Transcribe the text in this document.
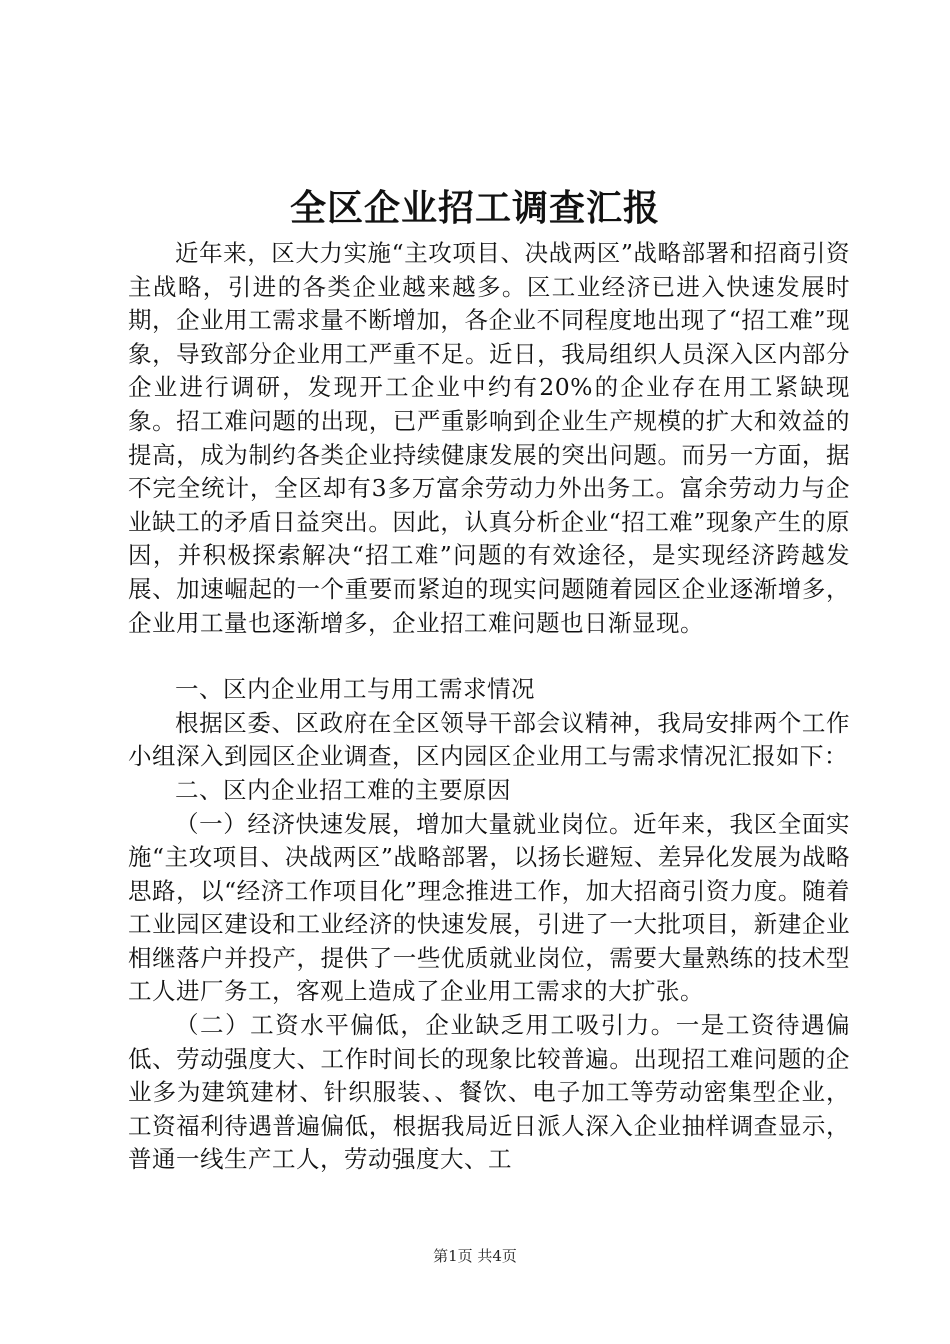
全区企业招工调查汇报

近年来，区大力实施“主攻项目、决战两区”战略部署和招商引资主战略，引进的各类企业越来越多。区工业经济已进入快速发展时期，企业用工需求量不断增加，各企业不同程度地出现了“招工难”现象，导致部分企业用工严重不足。近日，我局组织人员深入区内部分企业进行调研，发现开工企业中约有20%的企业存在用工紧缺现象。招工难问题的出现，已严重影响到企业生产规模的扩大和效益的提高，成为制约各类企业持续健康发展的突出问题。而另一方面，据不完全统计，全区却有3多万富余劳动力外出务工。富余劳动力与企业缺工的矛盾日益突出。因此，认真分析企业“招工难”现象产生的原因，并积极探索解决“招工难”问题的有效途径，是实现经济跨越发展、加速崛起的一个重要而紧迫的现实问题随着园区企业逐渐增多，企业用工量也逐渐增多，企业招工难问题也日渐显现。

一、区内企业用工与用工需求情况

根据区委、区政府在全区领导干部会议精神，我局安排两个工作小组深入到园区企业调查，区内园区企业用工与需求情况汇报如下：

二、区内企业招工难的主要原因

（一）经济快速发展，增加大量就业岗位。近年来，我区全面实施“主攻项目、决战两区”战略部署，以扬长避短、差异化发展为战略思路，以“经济工作项目化”理念推进工作，加大招商引资力度。随着工业园区建设和工业经济的快速发展，引进了一大批项目，新建企业相继落户并投产，提供了一些优质就业岗位，需要大量熟练的技术型工人进厂务工，客观上造成了企业用工需求的大扩张。

（二）工资水平偏低，企业缺乏用工吸引力。一是工资待遇偏低、劳动强度大、工作时间长的现象比较普遍。出现招工难问题的企业多为建筑建材、针织服装、、餐饮、电子加工等劳动密集型企业，工资福利待遇普遍偏低，根据我局近日派人深入企业抽样调查显示，普通一线生产工人，劳动强度大、工

第1页 共4页
